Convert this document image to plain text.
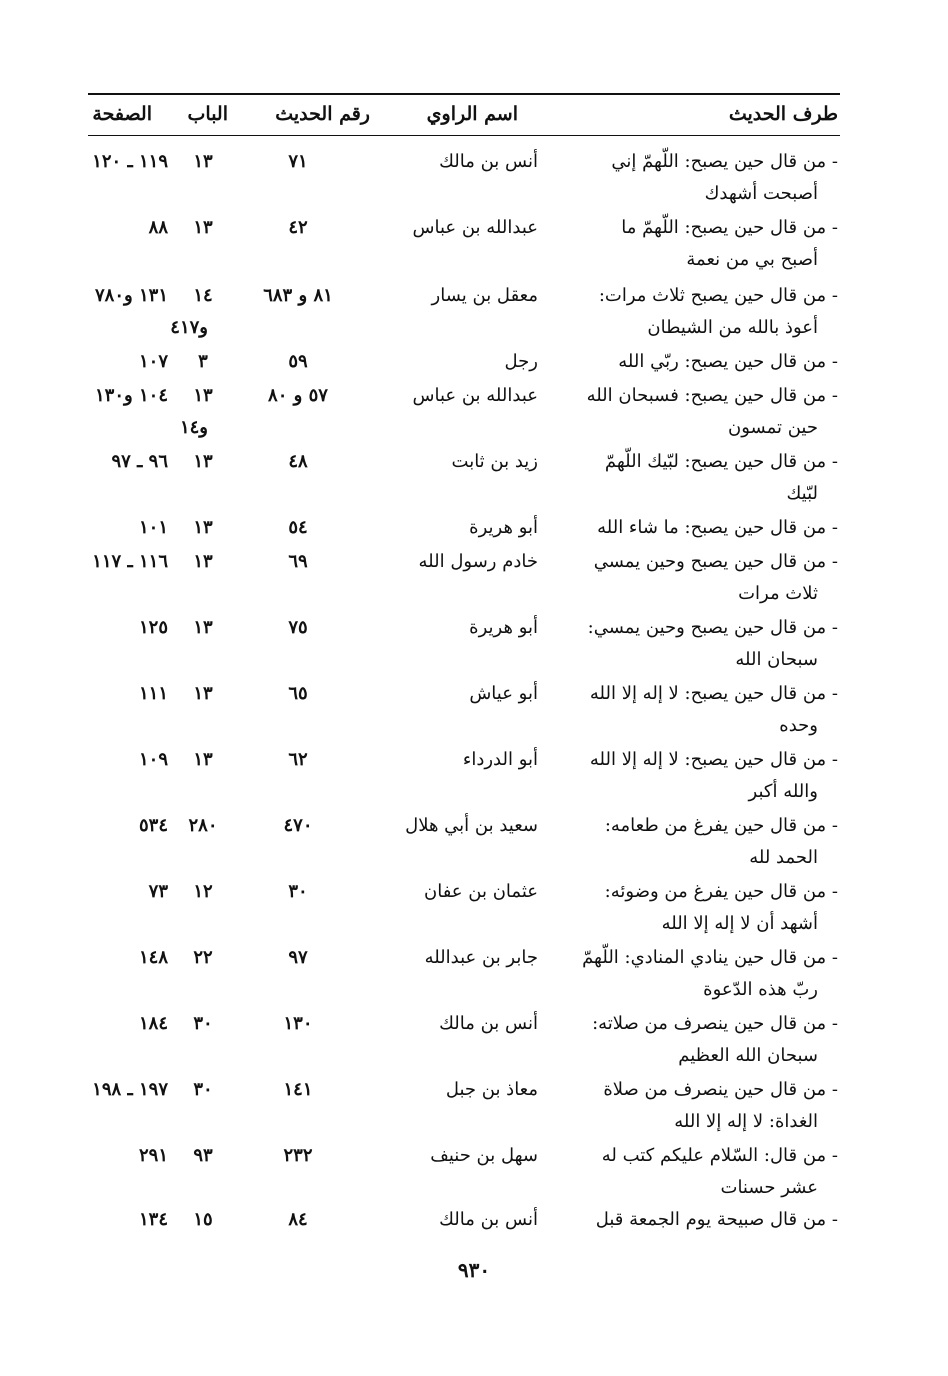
طرف الحديث
اسم الراوي
رقم الحديث
الباب
الصفحة
- من قال حين يصبح: اللّهمّ إني
أصبحت أشهدك
أنس بن مالك
٧١
١٣
١١٩ ـ ١٢٠
- من قال حين يصبح: اللّهمّ ما
أصبح بي من نعمة
عبدالله بن عباس
٤٢
١٣
٨٨
- من قال حين يصبح ثلاث مرات:
أعوذ بالله من الشيطان
معقل بن يسار
٨١ و ٦٨٣
١٤
١٣١ و٧٨٠
و٤١٧
- من قال حين يصبح: ربّي الله
رجل
٥٩
٣
١٠٧
- من قال حين يصبح: فسبحان الله
حين تمسون
عبدالله بن عباس
٥٧ و ٨٠
١٣
١٠٤ و١٣٠
و١٤
- من قال حين يصبح: لبّيك اللّهمّ
لبّيك
زيد بن ثابت
٤٨
١٣
٩٦ ـ ٩٧
- من قال حين يصبح: ما شاء الله
أبو هريرة
٥٤
١٣
١٠١
- من قال حين يصبح وحين يمسي
ثلاث مرات
خادم رسول الله
٦٩
١٣
١١٦ ـ ١١٧
- من قال حين يصبح وحين يمسي:
سبحان الله
أبو هريرة
٧٥
١٣
١٢٥
- من قال حين يصبح: لا إله إلا الله
وحده
أبو عياش
٦٥
١٣
١١١
- من قال حين يصبح: لا إله إلا الله
والله أكبر
أبو الدرداء
٦٢
١٣
١٠٩
- من قال حين يفرغ من طعامه:
الحمد لله
سعيد بن أبي هلال
٤٧٠
٢٨٠
٥٣٤
- من قال حين يفرغ من وضوئه:
أشهد أن لا إله إلا الله
عثمان بن عفان
٣٠
١٢
٧٣
- من قال حين ينادي المنادي: اللّهمّ
ربّ هذه الدّعوة
جابر بن عبدالله
٩٧
٢٢
١٤٨
- من قال حين ينصرف من صلاته:
سبحان الله العظيم
أنس بن مالك
١٣٠
٣٠
١٨٤
- من قال حين ينصرف من صلاة
الغداة: لا إله إلا الله
معاذ بن جبل
١٤١
٣٠
١٩٧ ـ ١٩٨
- من قال: السّلام عليكم كتب له
عشر حسنات
سهل بن حنيف
٢٣٢
٩٣
٢٩١
- من قال صبيحة يوم الجمعة قبل
أنس بن مالك
٨٤
١٥
١٣٤
٩٣٠
